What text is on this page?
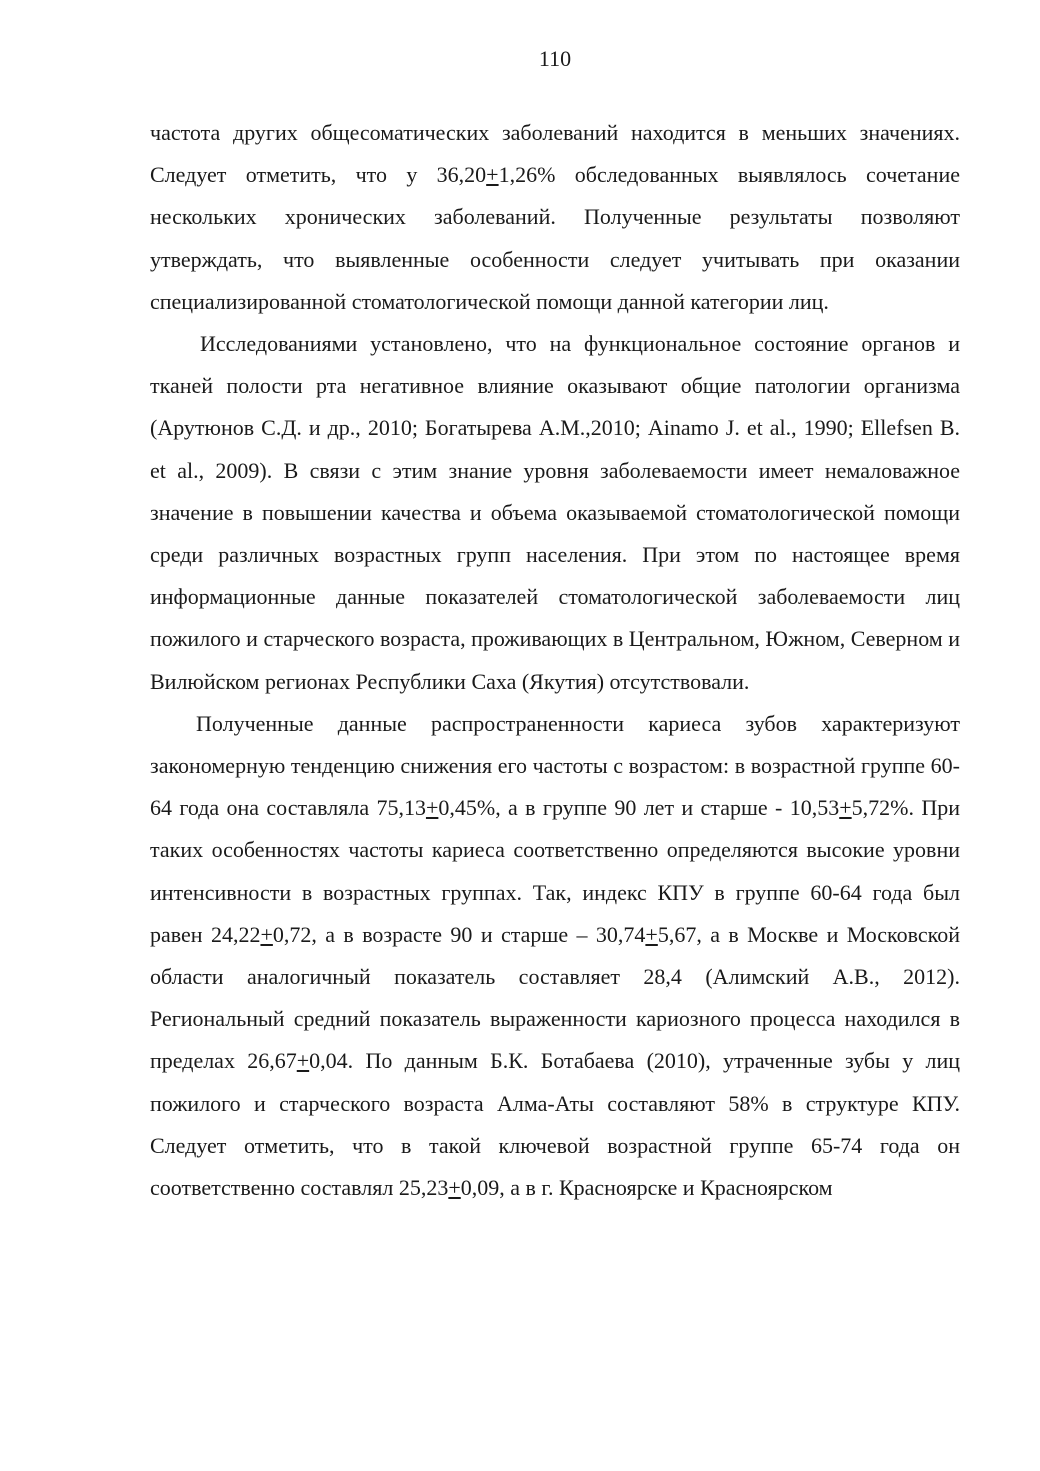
110

частота других общесоматических заболеваний находится в меньших значениях. Следует отметить, что у 36,20+1,26% обследованных выявлялось сочетание нескольких хронических заболеваний. Полученные результаты позволяют утверждать, что выявленные особенности следует учитывать при оказании специализированной стоматологической помощи данной категории лиц.

Исследованиями установлено, что на функциональное состояние органов и тканей полости рта негативное влияние оказывают общие патологии организма (Арутюнов С.Д. и др., 2010; Богатырева А.М.,2010; Ainamo J. et al., 1990; Ellefsen B. et al., 2009). В связи с этим знание уровня заболеваемости имеет немаловажное значение в повышении качества и объема оказываемой стоматологической помощи среди различных возрастных групп населения. При этом по настоящее время информационные данные показателей стоматологической заболеваемости лиц пожилого и старческого возраста, проживающих в Центральном, Южном, Северном и Вилюйском регионах Республики Саха (Якутия) отсутствовали.

Полученные данные распространенности кариеса зубов характеризуют закономерную тенденцию снижения его частоты с возрастом: в возрастной группе 60-64 года она составляла 75,13+0,45%, а в группе 90 лет и старше - 10,53+5,72%. При таких особенностях частоты кариеса соответственно определяются высокие уровни интенсивности в возрастных группах. Так, индекс КПУ в группе 60-64 года был равен 24,22+0,72, а в возрасте 90 и старше – 30,74+5,67, а в Москве и Московской области аналогичный показатель составляет 28,4 (Алимский А.В., 2012). Региональный средний показатель выраженности кариозного процесса находился в пределах 26,67+0,04. По данным Б.К. Ботабаева (2010), утраченные зубы у лиц пожилого и старческого возраста Алма-Аты составляют 58% в структуре КПУ. Следует отметить, что в такой ключевой возрастной группе 65-74 года он соответственно составлял 25,23+0,09, а в г. Красноярске и Красноярском
